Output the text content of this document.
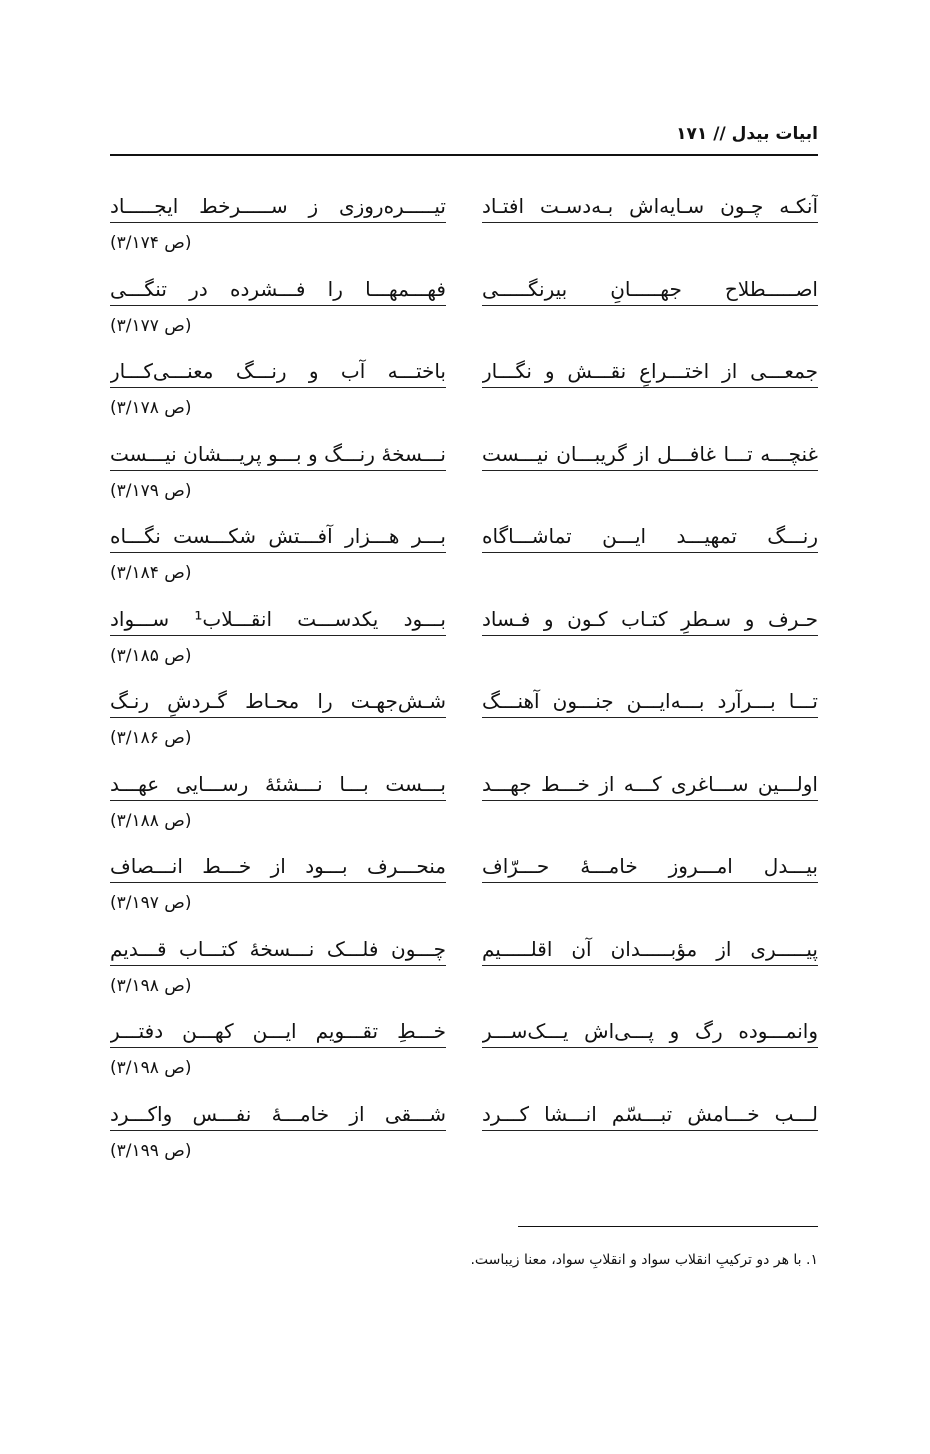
ابیات بیدل // ۱۷۱
آنکـه چـون سـایه‌اش بـه‌دسـت افتـاد
تیـــــره‌روزی ز ســـــرخط ایجـــــاد
(ص ۳/۱۷۴)
اصـــــطلاح جهـــــانِ بیرنگـــــی
فهـــمهـــا را فـــشرده در تنگـــی
(ص ۳/۱۷۷)
جمعـــی از اختـــراعِ نقـــش و نگـــار
باختـــه آب و رنـــگ معنـــی‌کـــار
(ص ۳/۱۷۸)
غنچـــه تـــا غافـــل از گریبـــان نیـــست
نـــسخهٔ رنـــگ و بـــو پریـــشان نیـــست
(ص ۳/۱۷۹)
رنـــگ تمهیـــد ایـــن تماشـــاگاه
بـــر هـــزار آفـــتش شکـــست نگـــاه
(ص ۳/۱۸۴)
حـرف و سـطرِ کتـاب کـون و فـساد
بـــود یکدســـت انقـــلاب¹ ســـواد
(ص ۳/۱۸۵)
تـــا بـــرآرد بـــه‌ایـــن جنـــون آهنـــگ
شـش‌جهـت را محـاط گـردشِ رنـگ
(ص ۳/۱۸۶)
اولـــین ســـاغری کـــه از خـــط جهـــد
بـــست بـــا نـــشئهٔ رســـایی عهـــد
(ص ۳/۱۸۸)
بیـــدل امـــروز خامـــهٔ حـــرّاف
منحـــرف بـــود از خـــط انـــصاف
(ص ۳/۱۹۷)
پیـــــری از مؤبـــــدان آن اقلـــــیم
چـــون فلـــک نـــسخهٔ کتـــاب قـــدیم
(ص ۳/۱۹۸)
وانمـــوده رگ و پـــی‌اش یـــک‌ســـر
خـــطِ تقـــویم ایـــن کهـــن دفتـــر
(ص ۳/۱۹۸)
لـــب خـــامش تبـــسّم انـــشا کـــرد
شـــقی از خامـــهٔ نفـــس واکـــرد
(ص ۳/۱۹۹)
۱. با هر دو ترکیبِ انقلاب سواد و انقلابِ سواد، معنا زیباست.
